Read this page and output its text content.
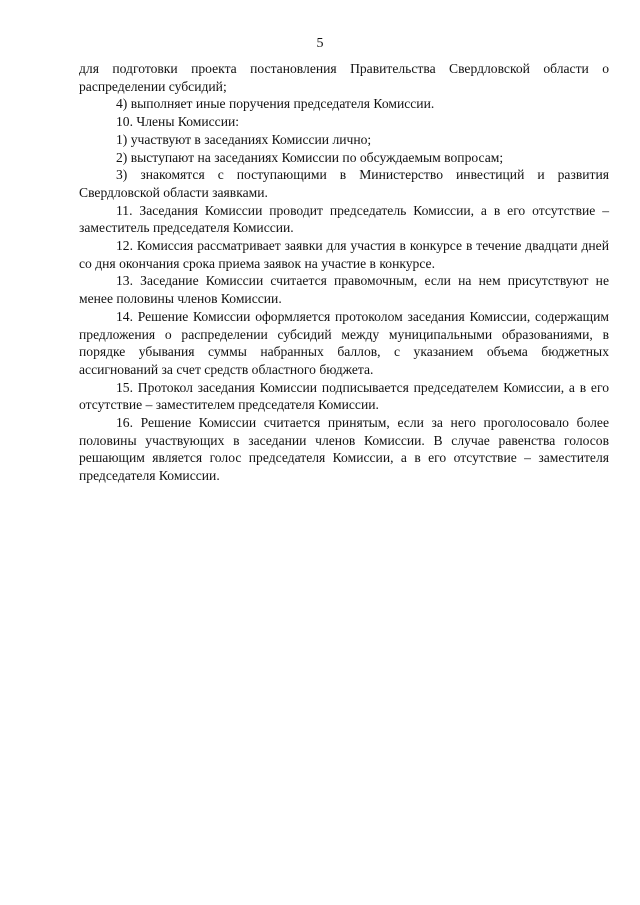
5

для подготовки проекта постановления Правительства Свердловской области о распределении субсидий;

4) выполняет иные поручения председателя Комиссии.

10. Члены Комиссии:

1) участвуют в заседаниях Комиссии лично;

2) выступают на заседаниях Комиссии по обсуждаемым вопросам;

3) знакомятся с поступающими в Министерство инвестиций и развития Свердловской области заявками.

11. Заседания Комиссии проводит председатель Комиссии, а в его отсутствие – заместитель председателя Комиссии.

12. Комиссия рассматривает заявки для участия в конкурсе в течение двадцати дней со дня окончания срока приема заявок на участие в конкурсе.

13. Заседание Комиссии считается правомочным, если на нем присутствуют не менее половины членов Комиссии.

14. Решение Комиссии оформляется протоколом заседания Комиссии, содержащим предложения о распределении субсидий между муниципальными образованиями, в порядке убывания суммы набранных баллов, с указанием объема бюджетных ассигнований за счет средств областного бюджета.

15. Протокол заседания Комиссии подписывается председателем Комиссии, а в его отсутствие – заместителем председателя Комиссии.

16. Решение Комиссии считается принятым, если за него проголосовало более половины участвующих в заседании членов Комиссии. В случае равенства голосов решающим является голос председателя Комиссии, а в его отсутствие – заместителя председателя Комиссии.
